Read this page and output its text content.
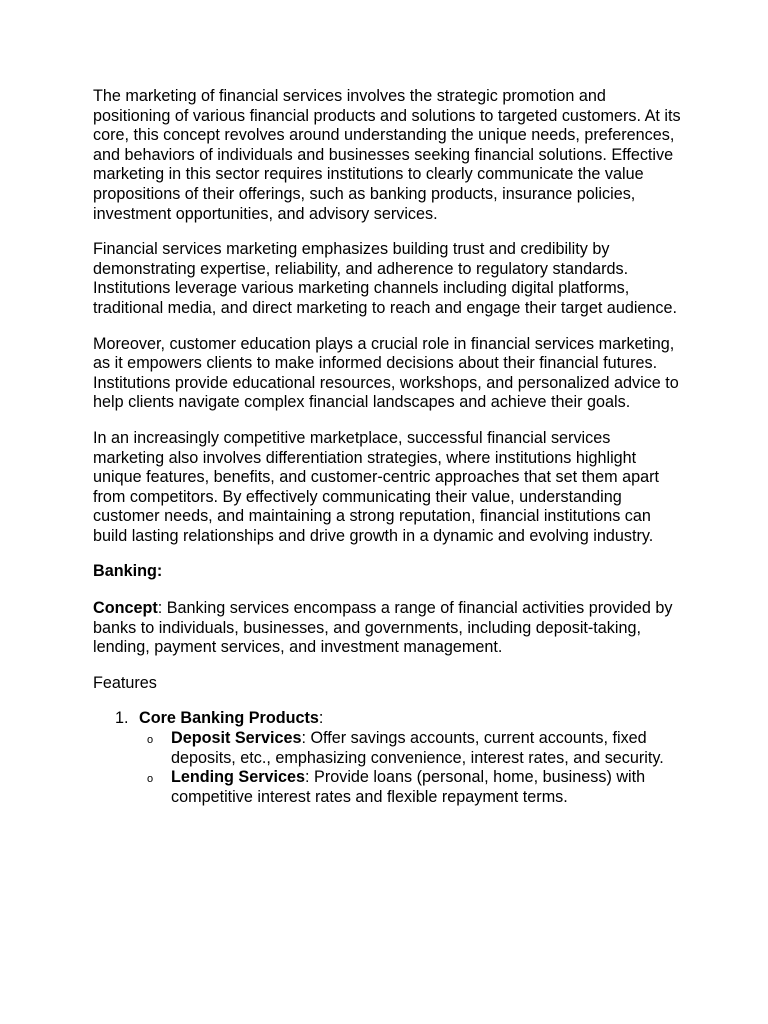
The marketing of financial services involves the strategic promotion and positioning of various financial products and solutions to targeted customers. At its core, this concept revolves around understanding the unique needs, preferences, and behaviors of individuals and businesses seeking financial solutions. Effective marketing in this sector requires institutions to clearly communicate the value propositions of their offerings, such as banking products, insurance policies, investment opportunities, and advisory services.

Financial services marketing emphasizes building trust and credibility by demonstrating expertise, reliability, and adherence to regulatory standards. Institutions leverage various marketing channels including digital platforms, traditional media, and direct marketing to reach and engage their target audience.

Moreover, customer education plays a crucial role in financial services marketing, as it empowers clients to make informed decisions about their financial futures. Institutions provide educational resources, workshops, and personalized advice to help clients navigate complex financial landscapes and achieve their goals.

In an increasingly competitive marketplace, successful financial services marketing also involves differentiation strategies, where institutions highlight unique features, benefits, and customer-centric approaches that set them apart from competitors. By effectively communicating their value, understanding customer needs, and maintaining a strong reputation, financial institutions can build lasting relationships and drive growth in a dynamic and evolving industry.

Banking:

Concept: Banking services encompass a range of financial activities provided by banks to individuals, businesses, and governments, including deposit-taking, lending, payment services, and investment management.

Features

1. Core Banking Products:
o Deposit Services: Offer savings accounts, current accounts, fixed deposits, etc., emphasizing convenience, interest rates, and security.
o Lending Services: Provide loans (personal, home, business) with competitive interest rates and flexible repayment terms.
